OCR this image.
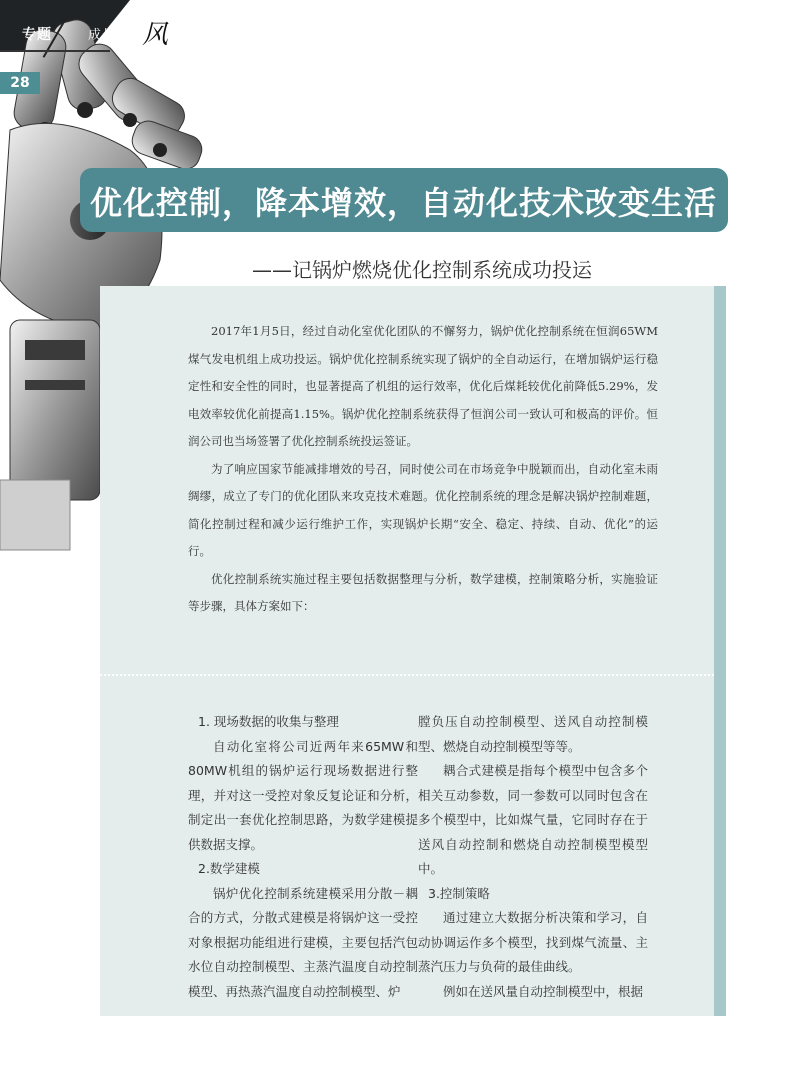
专题	成长视界
风
28
优化控制，降本增效，自动化技术改变生活
——记锅炉燃烧优化控制系统成功投运

2017年1月5日，经过自动化室优化团队的不懈努力，锅炉优化控制系统在恒润65WM煤气发电机组上成功投运。锅炉优化控制系统实现了锅炉的全自动运行，在增加锅炉运行稳定性和安全性的同时，也显著提高了机组的运行效率，优化后煤耗较优化前降低5.29%，发电效率较优化前提高1.15%。锅炉优化控制系统获得了恒润公司一致认可和极高的评价。恒润公司也当场签署了优化控制系统投运签证。

为了响应国家节能减排增效的号召，同时使公司在市场竞争中脱颖而出，自动化室未雨绸缪，成立了专门的优化团队来攻克技术难题。优化控制系统的理念是解决锅炉控制难题，简化控制过程和减少运行维护工作，实现锅炉长期“安全、稳定、持续、自动、优化”的运行。

优化控制系统实施过程主要包括数据整理与分析，数学建模，控制策略分析，实施验证等步骤，具体方案如下：

1. 现场数据的收集与整理

自动化室将公司近两年来65MW和80MW机组的锅炉运行现场数据进行整理，并对这一受控对象反复论证和分析，制定出一套优化控制思路，为数学建模提供数据支撑。

2.数学建模

锅炉优化控制系统建模采用分散－耦合的方式，分散式建模是将锅炉这一受控对象根据功能组进行建模，主要包括汽包水位自动控制模型、主蒸汽温度自动控制模型、再热蒸汽温度自动控制模型、炉

膛负压自动控制模型、送风自动控制模型、燃烧自动控制模型等等。

耦合式建模是指每个模型中包含多个相关互动参数，同一参数可以同时包含在多个模型中，比如煤气量，它同时存在于送风自动控制和燃烧自动控制模型模型中。

3.控制策略

通过建立大数据分析决策和学习，自动协调运作多个模型，找到煤气流量、主蒸汽压力与负荷的最佳曲线。

例如在送风量自动控制模型中，根据
